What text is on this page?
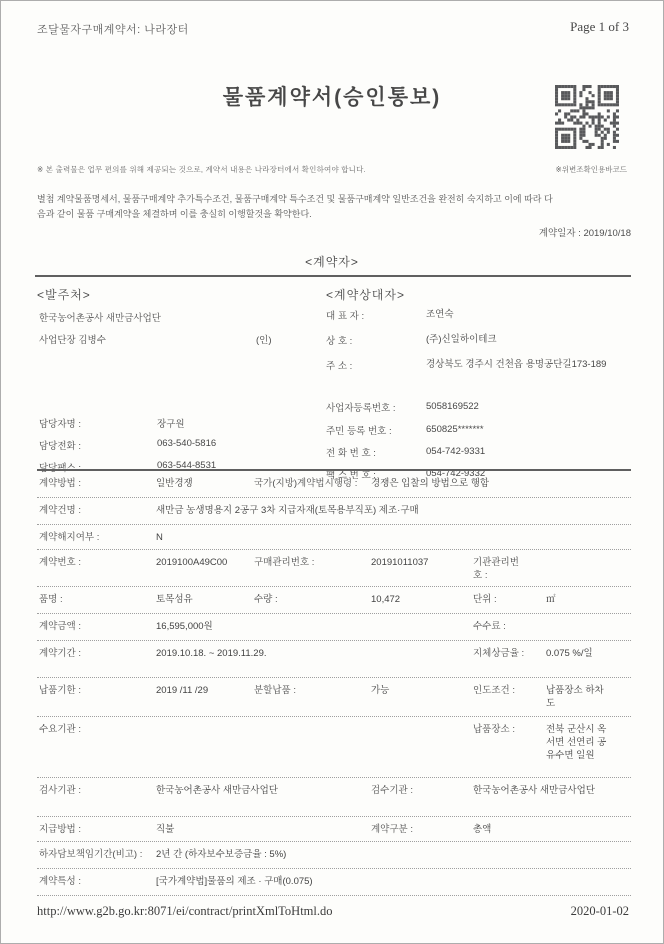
조달물자구매계약서: 나라장터	Page 1 of 3
물품계약서(승인통보)
※ 본 출력물은 업무 편의를 위해 제공되는 것으로, 계약서 내용은 나라장터에서 확인하여야 합니다.	※위변조확인용바코드
별첨 계약물품명세서, 물품구매계약 추가특수조건, 물품구매계약 특수조건 및 물품구매계약 일반조건을 완전히 숙지하고 이에 따라 다
음과 같이 물품 구매계약을 체결하며 이를 충실히 이행할것을 확약한다.
계약일자 : 2019/10/18
<계약자>
<발주처>
한국농어촌공사 새만금사업단
사업단장 김병수	(인)
담당자명 :	장구원
담당전화 :	063-540-5816
담당팩스 :	063-544-8531
<계약상대자>
대 표 자 :	조연숙
상 호 :	(주)신일하이테크
주 소 :	경상북도 경주시 건천읍 용명공단길173-189
사업자등록번호 :	5058169522
주민 등록 번호 :	650825*******
전 화 번 호 :	054-742-9331
팩 스 번 호 :	054-742-9332
계약방법 :	일반경쟁	국가(지방)계약법시행령 :	경쟁은 입찰의 방법으로 행함
계약건명 :	새만금 농생명용지 2공구 3차 지급자재(토목용부직포) 제조·구매
계약해지여부 :	N
계약번호 :	2019100A49C00	구매관리번호 :	20191011037	기관관리번호 :
품명 :	토목섬유	수량 :	10,472	단위 :	㎡
계약금액 :	16,595,000원	수수료 :
계약기간 :	2019.10.18. ~ 2019.11.29.	지체상금율 : 0.075 %/일
납품기한 :	2019 /11 /29	분할납품 :	가능	인도조건 :	납품장소 하차도
수요기관 :	납품장소 :	전북 군산시 옥서면 선연리 공유수면 일원
검사기관 :	한국농어촌공사 새만금사업단	검수기관 :	한국농어촌공사 새만금사업단
지급방법 :	직불	계약구분 :	총액
하자담보책임기간(비고) :	2년 간 (하자보수보증금율 : 5%)
계약특성 :	[국가계약법]물품의 제조 · 구매(0.075)
http://www.g2b.go.kr:8071/ei/contract/printXmlToHtml.do	2020-01-02
